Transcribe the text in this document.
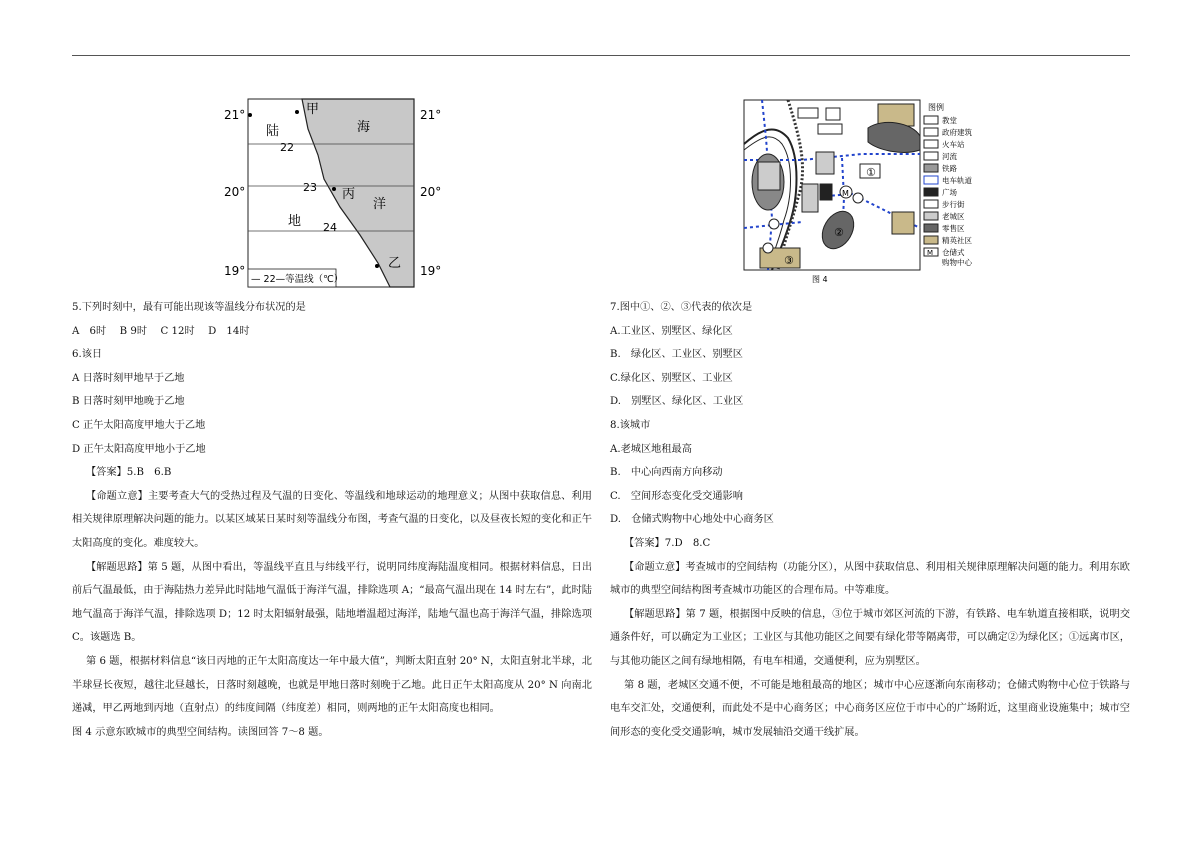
21°	21°
20°	20°
19°	19°
甲
海
陆
洋
丙
地
乙
22
23
24
— 22—等温线（℃）
①
②
③
M
图例
教堂
政府建筑
火车站
河流
铁路
电车轨道
广场
步行街
老城区
零售区
精英社区
M 仓储式
购物中心
图 4
5.下列时刻中，最有可能出现该等温线分布状况的是
A　6时　 B 9时　 C 12时　 D　14时
6.该日
A 日落时刻甲地早于乙地
B 日落时刻甲地晚于乙地
C 正午太阳高度甲地大于乙地
D 正午太阳高度甲地小于乙地
【答案】5.B　6.B
【命题立意】主要考查大气的受热过程及气温的日变化、等温线和地球运动的地理意义；从图中获取信息、利用相关规律原理解决问题的能力。以某区域某日某时刻等温线分布图，考查气温的日变化，以及昼夜长短的变化和正午太阳高度的变化。难度较大。
【解题思路】第 5 题，从图中看出，等温线平直且与纬线平行，说明同纬度海陆温度相同。根据材料信息，日出前后气温最低，由于海陆热力差异此时陆地气温低于海洋气温，排除选项 A；“最高气温出现在 14 时左右”，此时陆地气温高于海洋气温，排除选项 D；12 时太阳辐射最强，陆地增温超过海洋，陆地气温也高于海洋气温，排除选项 C。该题选 B。
第 6 题，根据材料信息“该日丙地的正午太阳高度达一年中最大值”，判断太阳直射 20° N，太阳直射北半球，北半球昼长夜短，越往北昼越长，日落时刻越晚，也就是甲地日落时刻晚于乙地。此日正午太阳高度从 20° N 向南北递减，甲乙两地到丙地（直射点）的纬度间隔（纬度差）相同，则两地的正午太阳高度也相同。
图 4 示意东欧城市的典型空间结构。读图回答 7～8 题。
7.图中①、②、③代表的依次是
A.工业区、别墅区、绿化区
B.　绿化区、工业区、别墅区
C.绿化区、别墅区、工业区
D.　别墅区、绿化区、工业区
8.该城市
A.老城区地租最高
B.　中心向西南方向移动
C.　空间形态变化受交通影响
D.　仓储式购物中心地处中心商务区
【答案】7.D　8.C
【命题立意】考查城市的空间结构（功能分区），从图中获取信息、利用相关规律原理解决问题的能力。利用东欧城市的典型空间结构图考查城市功能区的合理布局。中等难度。
【解题思路】第 7 题，根据图中反映的信息，③位于城市郊区河流的下游，有铁路、电车轨道直接相联，说明交通条件好，可以确定为工业区；工业区与其他功能区之间要有绿化带等隔离带，可以确定②为绿化区；①远离市区，与其他功能区之间有绿地相隔，有电车相通，交通便利，应为别墅区。
第 8 题，老城区交通不便，不可能是地租最高的地区；城市中心应逐渐向东南移动；仓储式购物中心位于铁路与电车交汇处，交通便利，而此处不是中心商务区；中心商务区应位于市中心的广场附近，这里商业设施集中；城市空间形态的变化受交通影响，城市发展轴沿交通干线扩展。
